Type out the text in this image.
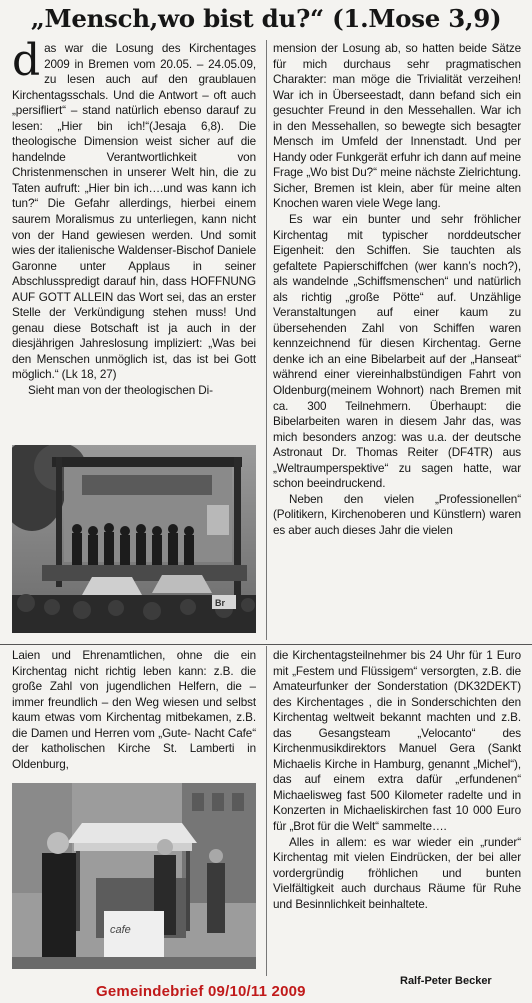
„Mensch,wo bist du?“ (1.Mose 3,9)

das war die Losung des Kirchentages 2009 in Bremen vom 20.05. – 24.05.09, zu lesen auch auf den graublauen Kirchentagsschals. Und die Antwort – oft auch „persifliert“ – stand natürlich ebenso darauf zu lesen: „Hier bin ich!“(Jesaja 6,8). Die theologische Dimension weist sicher auf die handelnde Verantwortlichkeit von Christenmenschen in unserer Welt hin, die zu Taten aufruft: „Hier bin ich….und was kann ich tun?“ Die Gefahr allerdings, hierbei einem saurem Moralismus zu unterliegen, kann nicht von der Hand gewiesen werden. Und somit wies der italienische Waldenser-Bischof Daniele Garonne unter Applaus in seiner Abschlusspredigt darauf hin, dass HOFFNUNG AUF GOTT ALLEIN das Wort sei, das an erster Stelle der Verkündigung stehen muss! Und genau diese Botschaft ist ja auch in der diesjährigen Jahreslosung impliziert: „Was bei den Menschen unmöglich ist, das ist bei Gott möglich.“ (Lk 18, 27)

Sieht man von der theologischen Di-

Br

mension der Losung ab, so hatten beide Sätze für mich durchaus sehr pragmatischen Charakter: man möge die Trivialität verzeihen! War ich in Überseestadt, dann befand sich ein gesuchter Freund in den Messehallen. War ich in den Messehallen, so bewegte sich besagter Mensch im Umfeld der Innenstadt. Und per Handy oder Funkgerät erfuhr ich dann auf meine Frage „Wo bist Du?“ meine nächste Zielrichtung. Sicher, Bremen ist klein, aber für meine alten Knochen waren viele Wege lang.

Es war ein bunter und sehr fröhlicher Kirchentag mit typischer norddeutscher Eigenheit: den Schiffen. Sie tauchten als gefaltete Papierschiffchen (wer kann’s noch?), als wandelnde „Schiffsmenschen“ und natürlich als richtig „große Pötte“ auf. Unzählige Veranstaltungen auf einer kaum zu übersehenden Zahl von Schiffen waren kennzeichnend für diesen Kirchentag. Gerne denke ich an eine Bibelarbeit auf der „Hanseat“ während einer viereinhalbstündigen Fahrt von Oldenburg(meinem Wohnort) nach Bremen mit ca. 300 Teilnehmern. Überhaupt: die Bibelarbeiten waren in diesem Jahr das, was mich besonders anzog: was u.a. der deutsche Astronaut Dr. Thomas Reiter (DF4TR) aus „Weltraumperspektive“ zu sagen hatte, war schon beeindruckend.

Neben den vielen „Professionellen“ (Politikern, Kirchenoberen und Künstlern) waren es aber auch dieses Jahr die vielen

Laien und Ehrenamtlichen, ohne die ein Kirchentag nicht richtig leben kann: z.B. die große Zahl von jugendlichen Helfern, die – immer freundlich – den Weg wiesen und selbst kaum etwas vom Kirchentag mitbekamen, z.B. die Damen und Herren vom „Gute- Nacht Cafe“ der katholischen Kirche St. Lamberti in Oldenburg,

cafe

die Kirchentagsteilnehmer bis 24 Uhr für 1 Euro mit „Festem und Flüssigem“ versorgten, z.B. die Amateurfunker der Sonderstation (DK32DEKT) des Kirchentages , die in Sonderschichten den Kirchentag weltweit bekannt machten und z.B. das Gesangsteam „Velocanto“ des Kirchenmusikdirektors Manuel Gera (Sankt Michaelis Kirche in Hamburg, genannt „Michel“), das auf einem extra dafür „erfundenen“ Michaelisweg fast 500 Kilometer radelte und in Konzerten in Michaeliskirchen fast 10 000 Euro für „Brot für die Welt“ sammelte….

Alles in allem: es war wieder ein „runder“ Kirchentag mit vielen Eindrücken, der bei aller vordergründig fröhlichen und bunten Vielfältigkeit auch durchaus Räume für Ruhe und Besinnlichkeit beinhaltete.

Ralf-Peter Becker
Gemeindebrief 09/10/11 2009
